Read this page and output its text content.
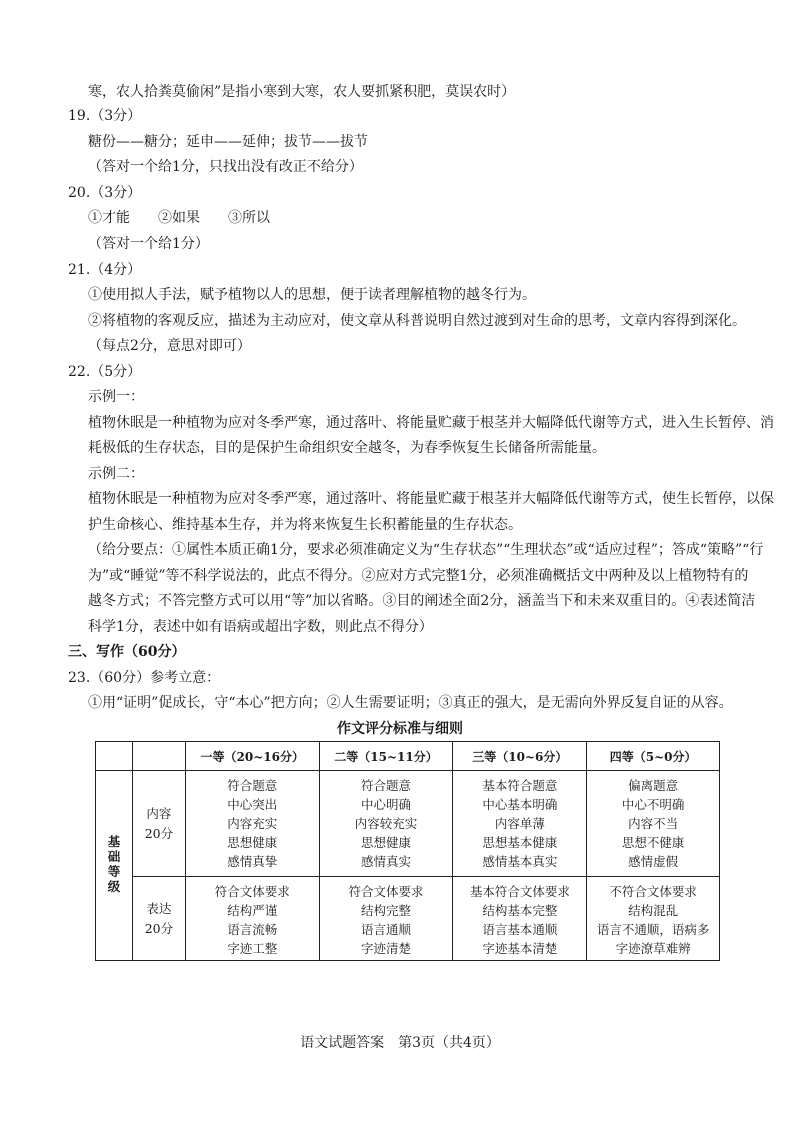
寒，农人拾粪莫偷闲”是指小寒到大寒，农人要抓紧积肥，莫误农时）
19.（3分）
糖份——糖分；延申——延伸；拔节——拔节
（答对一个给1分，只找出没有改正不给分）
20.（3分）
①才能　　②如果　　③所以
（答对一个给1分）
21.（4分）
①使用拟人手法，赋予植物以人的思想，便于读者理解植物的越冬行为。
②将植物的客观反应，描述为主动应对，使文章从科普说明自然过渡到对生命的思考，文章内容得到深化。
（每点2分，意思对即可）
22.（5分）
示例一：
植物休眠是一种植物为应对冬季严寒，通过落叶、将能量贮藏于根茎并大幅降低代谢等方式，进入生长暂停、消
耗极低的生存状态，目的是保护生命组织安全越冬，为春季恢复生长储备所需能量。
示例二：
植物休眠是一种植物为应对冬季严寒，通过落叶、将能量贮藏于根茎并大幅降低代谢等方式，使生长暂停，以保
护生命核心、维持基本生存，并为将来恢复生长积蓄能量的生存状态。
（给分要点：①属性本质正确1分，要求必须准确定义为“生存状态”“生理状态”或“适应过程”；答成“策略”“行
为”或“睡觉”等不科学说法的，此点不得分。②应对方式完整1分，必须准确概括文中两种及以上植物特有的
越冬方式；不答完整方式可以用“等”加以省略。③目的阐述全面2分，涵盖当下和未来双重目的。④表述简洁
科学1分，表述中如有语病或超出字数，则此点不得分）
三、写作（60分）
23.（60分）参考立意：
①用“证明”促成长，守“本心”把方向；②人生需要证明；③真正的强大，是无需向外界反复自证的从容。
作文评分标准与细则
		一等（20~16分）	二等（15~11分）	三等（10~6分）	四等（5~0分）
基础等级	内容
20分	符合题意
中心突出
内容充实
思想健康
感情真挚	符合题意
中心明确
内容较充实
思想健康
感情真实	基本符合题意
中心基本明确
内容单薄
思想基本健康
感情基本真实	偏离题意
中心不明确
内容不当
思想不健康
感情虚假

	表达
20分	符合文体要求
结构严谨
语言流畅
字迹工整	符合文体要求
结构完整
语言通顺
字迹清楚	基本符合文体要求
结构基本完整
语言基本通顺
字迹基本清楚	不符合文体要求
结构混乱
语言不通顺，语病多
字迹潦草难辨
语文试题答案　第3页（共4页）
